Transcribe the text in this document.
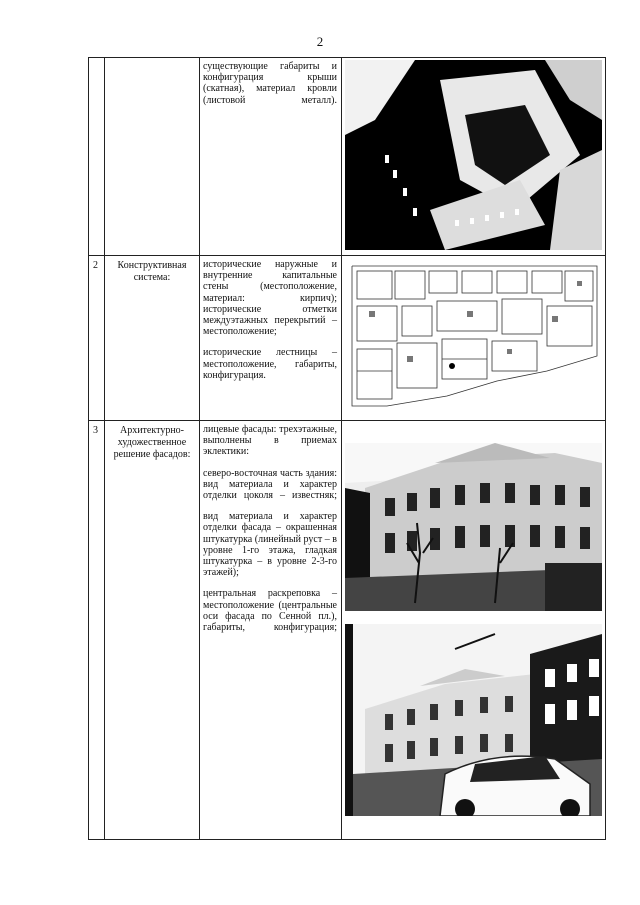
2

существующие габариты и конфигурация крыши (скатная), материал кровли (листовой металл).

2	Конструктивная система:

исторические наружные и внутренние капитальные стены (местоположение, материал: кирпич); исторические отметки междуэтажных перекрытий – местоположение;

исторические лестницы – местоположение, габариты, конфигурация.

3	Архитектурно-художественное решение фасадов:

лицевые фасады: трехэтажные, выполнены в приемах эклектики:

северо-восточная часть здания: вид материала и характер отделки цоколя – известняк;

вид материала и характер отделки фасада – окрашенная штукатурка (линейный руст – в уровне 1-го этажа, гладкая штукатурка – в уровне 2-3-го этажей);

центральная раскреповка – местоположение (центральные оси фасада по Сенной пл.), габариты, конфигурация;
